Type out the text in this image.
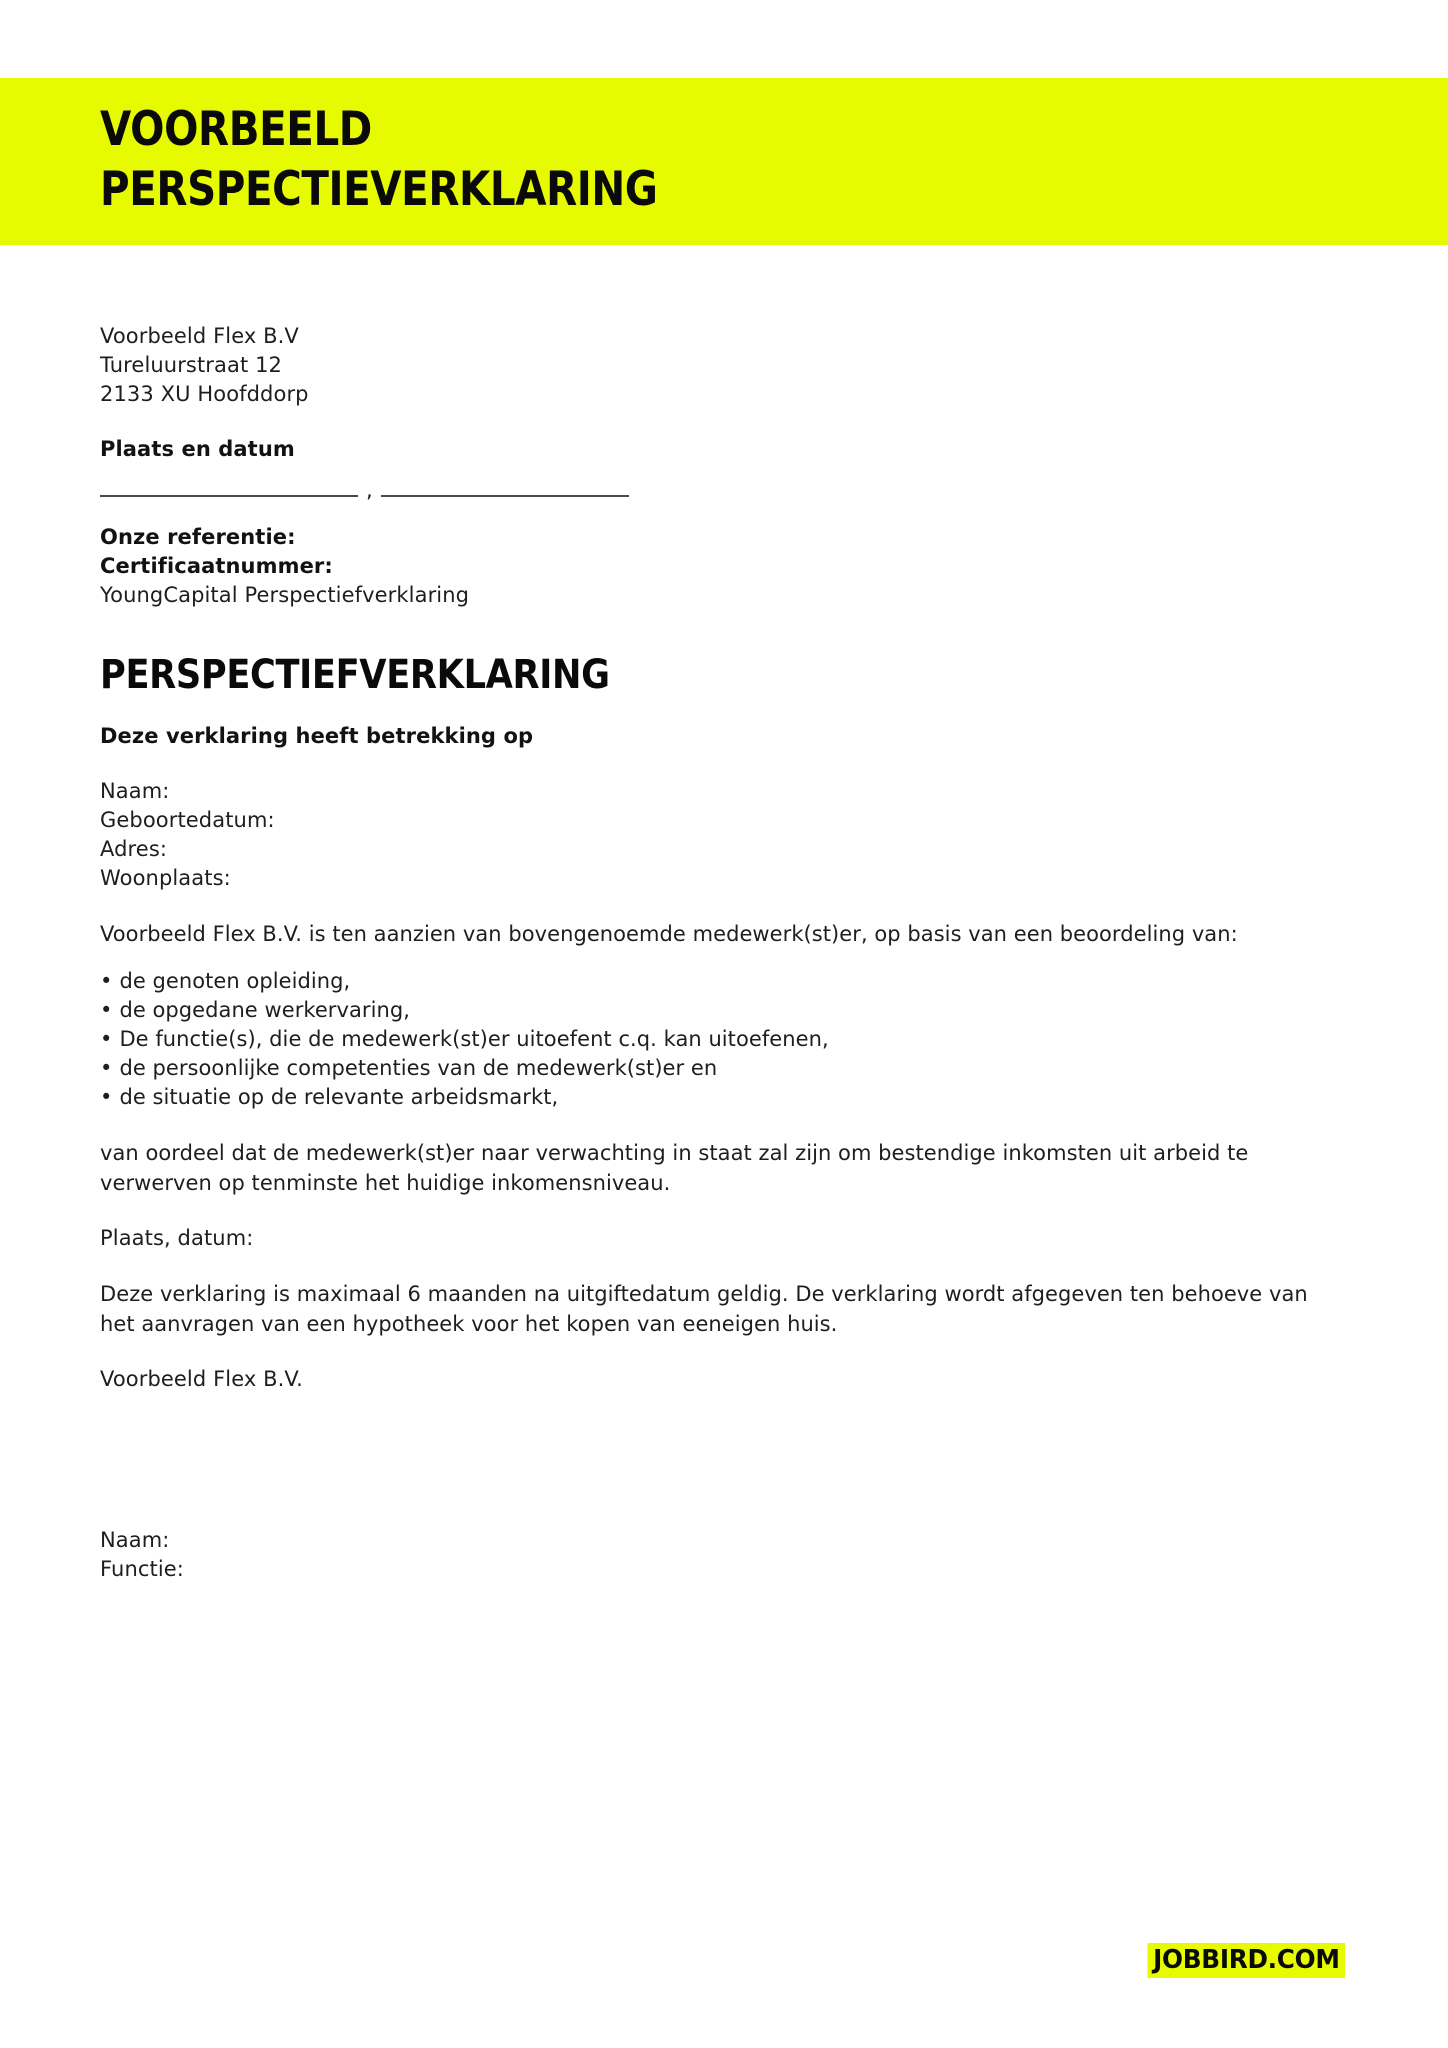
VOORBEELD
PERSPECTIEVERKLARING
Voorbeeld Flex B.V
Tureluurstraat 12
2133 XU Hoofddorp
Plaats en datum
,
Onze referentie:
Certificaatnummer:
YoungCapital Perspectiefverklaring
PERSPECTIEFVERKLARING
Deze verklaring heeft betrekking op
Naam:
Geboortedatum:
Adres:
Woonplaats:
Voorbeeld Flex B.V. is ten aanzien van bovengenoemde medewerk(st)er, op basis van een beoordeling van:
• de genoten opleiding,
• de opgedane werkervaring,
• De functie(s), die de medewerk(st)er uitoefent c.q. kan uitoefenen,
• de persoonlijke competenties van de medewerk(st)er en
• de situatie op de relevante arbeidsmarkt,
van oordeel dat de medewerk(st)er naar verwachting in staat zal zijn om bestendige inkomsten uit arbeid te verwerven op tenminste het huidige inkomensniveau.
Plaats, datum:
Deze verklaring is maximaal 6 maanden na uitgiftedatum geldig. De verklaring wordt afgegeven ten behoeve van het aanvragen van een hypotheek voor het kopen van eeneigen huis.
Voorbeeld Flex B.V.
Naam:
Functie:
JOBBIRD.COM
